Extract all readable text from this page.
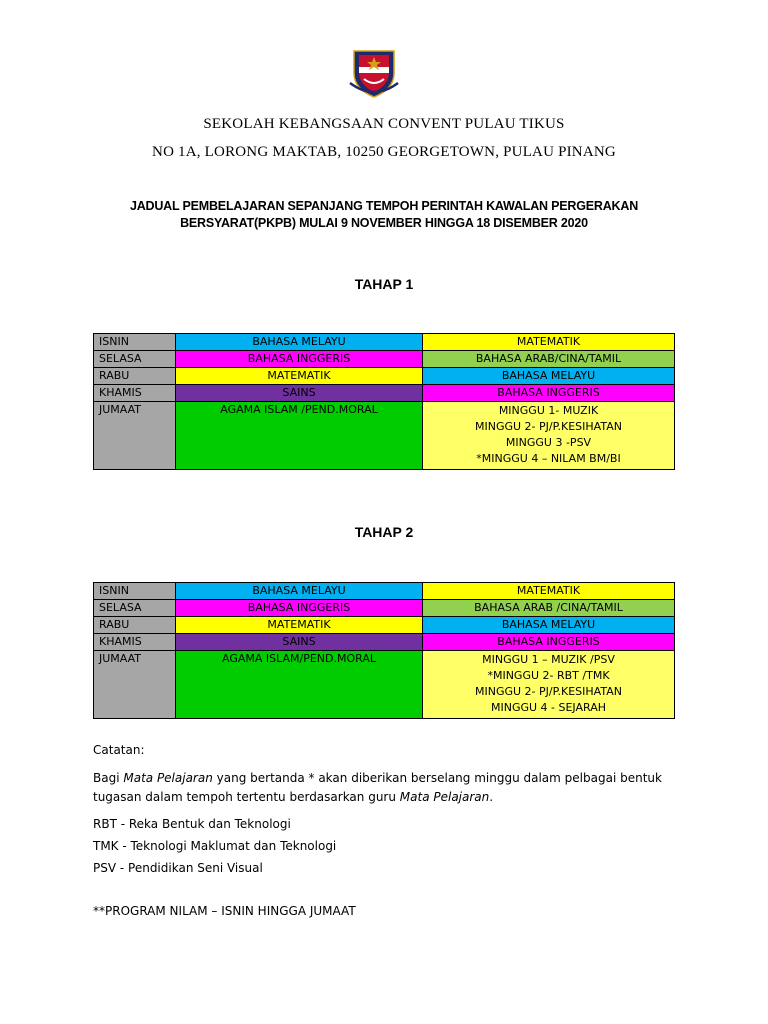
SEKOLAH KEBANGSAAN CONVENT PULAU TIKUS
NO 1A, LORONG MAKTAB, 10250 GEORGETOWN, PULAU PINANG
JADUAL PEMBELAJARAN SEPANJANG TEMPOH PERINTAH KAWALAN PERGERAKAN
BERSYARAT(PKPB) MULAI 9 NOVEMBER HINGGA 18 DISEMBER 2020
TAHAP 1
ISNIN	BAHASA MELAYU	MATEMATIK
SELASA	BAHASA INGGERIS	BAHASA ARAB/CINA/TAMIL
RABU	MATEMATIK	BAHASA MELAYU
KHAMIS	SAINS	BAHASA INGGERIS
JUMAAT	AGAMA ISLAM /PEND.MORAL	MINGGU 1- MUZIK
MINGGU 2- PJ/P.KESIHATAN
MINGGU 3 -PSV
*MINGGU 4 – NILAM BM/BI
TAHAP 2
ISNIN	BAHASA MELAYU	MATEMATIK
SELASA	BAHASA INGGERIS	BAHASA ARAB /CINA/TAMIL
RABU	MATEMATIK	BAHASA MELAYU
KHAMIS	SAINS	BAHASA INGGERIS
JUMAAT	AGAMA ISLAM/PEND.MORAL	MINGGU 1 – MUZIK /PSV
*MINGGU 2- RBT /TMK
MINGGU 2- PJ/P.KESIHATAN
MINGGU 4 - SEJARAH
Catatan:
Bagi Mata Pelajaran yang bertanda * akan diberikan berselang minggu dalam pelbagai bentuk
tugasan dalam tempoh tertentu berdasarkan guru Mata Pelajaran.
RBT - Reka Bentuk dan Teknologi
TMK - Teknologi Maklumat dan Teknologi
PSV - Pendidikan Seni Visual
**PROGRAM NILAM – ISNIN HINGGA JUMAAT
